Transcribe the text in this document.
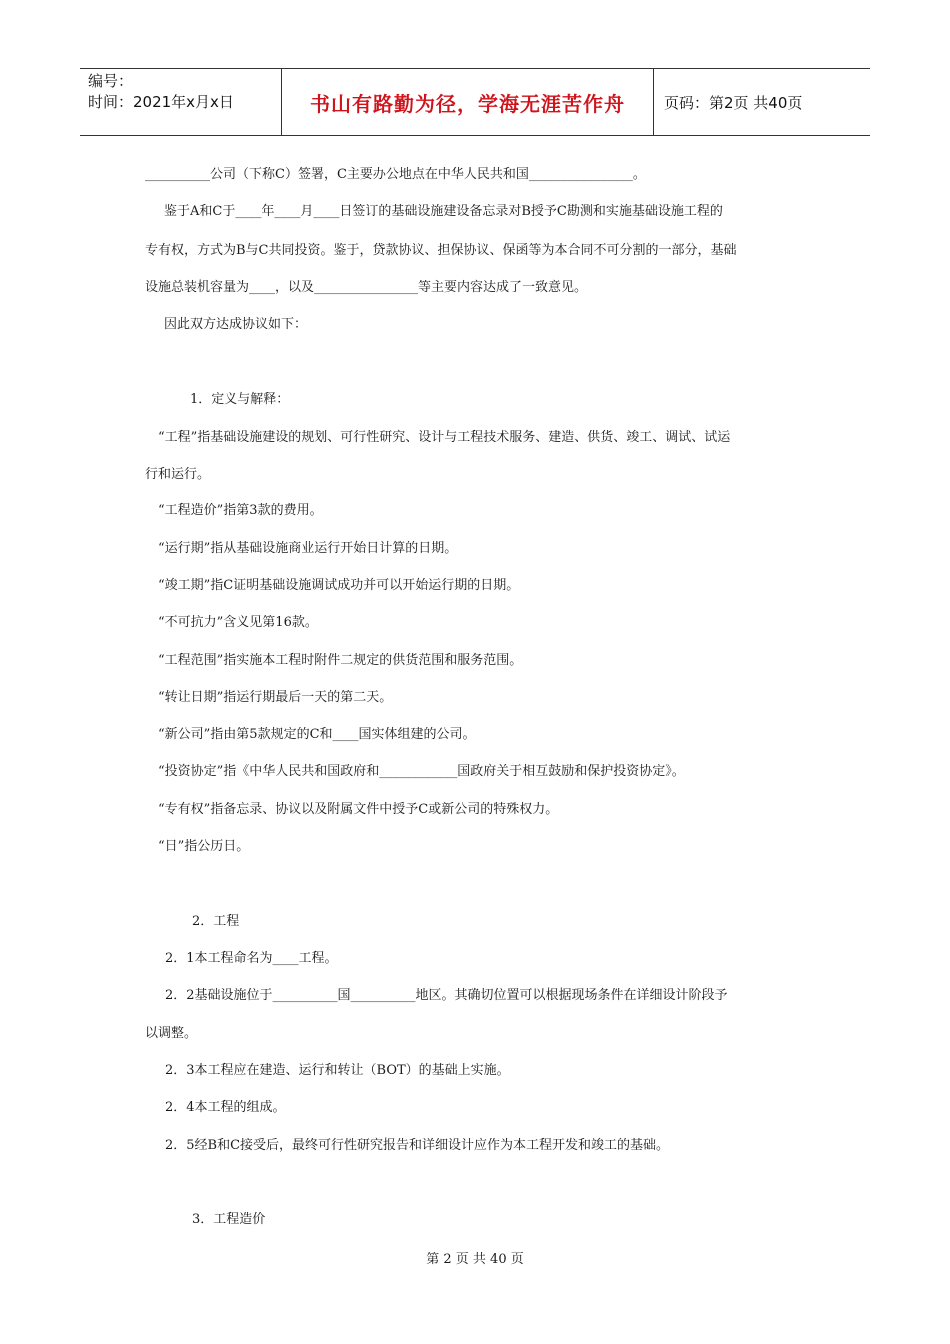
编号：
时间：2021年x月x日	书山有路勤为径，学海无涯苦作舟	页码：第2页 共40页
__________公司（下称C）签署，C主要办公地点在中华人民共和国________________。
鉴于A和C于____年____月____日签订的基础设施建设备忘录对B授予C勘测和实施基础设施工程的
专有权，方式为B与C共同投资。鉴于，贷款协议、担保协议、保函等为本合同不可分割的一部分，基础
设施总装机容量为____，以及________________等主要内容达成了一致意见。
因此双方达成协议如下：
1．定义与解释：
“工程”指基础设施建设的规划、可行性研究、设计与工程技术服务、建造、供货、竣工、调试、试运
行和运行。
“工程造价”指第3款的费用。
“运行期”指从基础设施商业运行开始日计算的日期。
“竣工期”指C证明基础设施调试成功并可以开始运行期的日期。
“不可抗力”含义见第16款。
“工程范围”指实施本工程时附件二规定的供货范围和服务范围。
“转让日期”指运行期最后一天的第二天。
“新公司”指由第5款规定的C和____国实体组建的公司。
“投资协定”指《中华人民共和国政府和____________国政府关于相互鼓励和保护投资协定》。
“专有权”指备忘录、协议以及附属文件中授予C或新公司的特殊权力。
“日”指公历日。
2．工程
2．1本工程命名为____工程。
2．2基础设施位于__________国__________地区。其确切位置可以根据现场条件在详细设计阶段予
以调整。
2．3本工程应在建造、运行和转让（BOT）的基础上实施。
2．4本工程的组成。
2．5经B和C接受后，最终可行性研究报告和详细设计应作为本工程开发和竣工的基础。
3．工程造价
第 2 页 共 40 页
